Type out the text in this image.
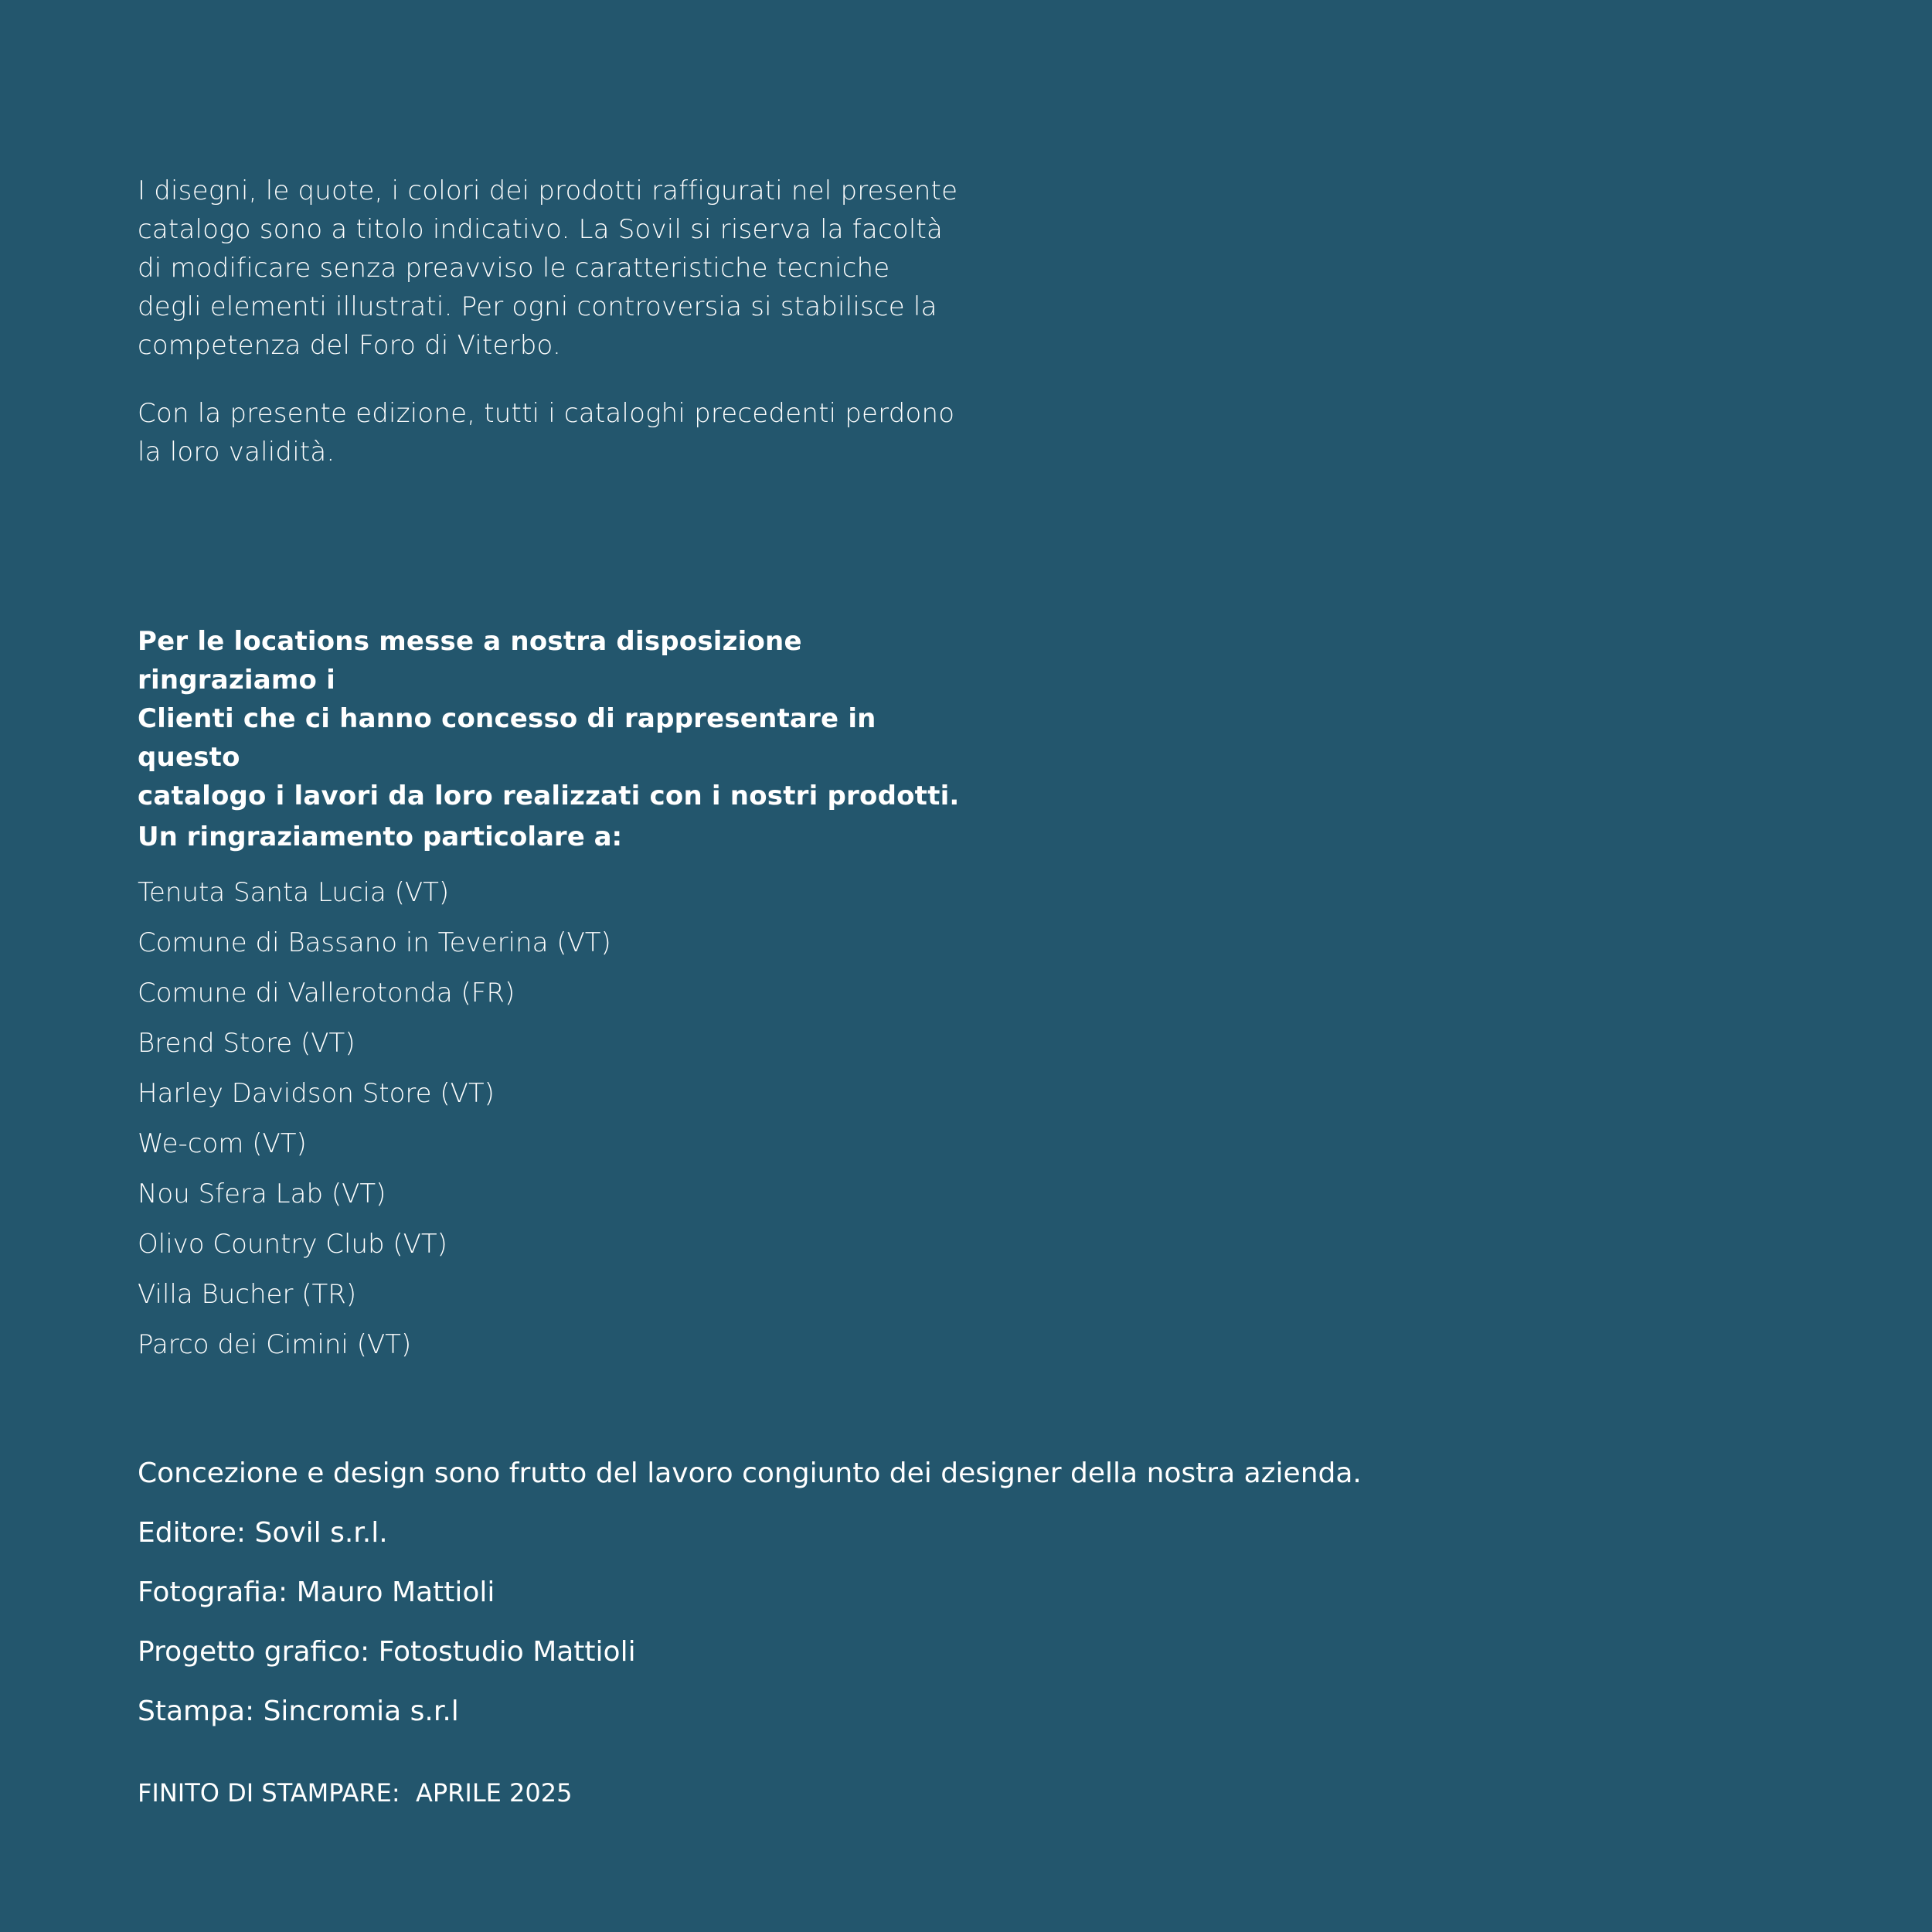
I disegni, le quote, i colori dei prodotti raffigurati nel presente
catalogo sono a titolo indicativo. La Sovil si riserva la facoltà
di modificare senza preavviso le caratteristiche tecniche
degli elementi illustrati. Per ogni controversia si stabilisce la
competenza del Foro di Viterbo.

Con la presente edizione, tutti i cataloghi precedenti perdono
la loro validità.

Per le locations messe a nostra disposizione ringraziamo i
Clienti che ci hanno concesso di rappresentare in questo
catalogo i lavori da loro realizzati con i nostri prodotti.

Un ringraziamento particolare a:

Tenuta Santa Lucia (VT)
Comune di Bassano in Teverina (VT)
Comune di Vallerotonda (FR)
Brend Store (VT)
Harley Davidson Store (VT)
We-com (VT)
Nou Sfera Lab (VT)
Olivo Country Club (VT)
Villa Bucher (TR)
Parco dei Cimini (VT)

Concezione e design sono frutto del lavoro congiunto dei designer della nostra azienda.

Editore: Sovil s.r.l.

Fotografia: Mauro Mattioli

Progetto grafico: Fotostudio Mattioli

Stampa: Sincromia s.r.l

FINITO DI STAMPARE:  APRILE 2025
